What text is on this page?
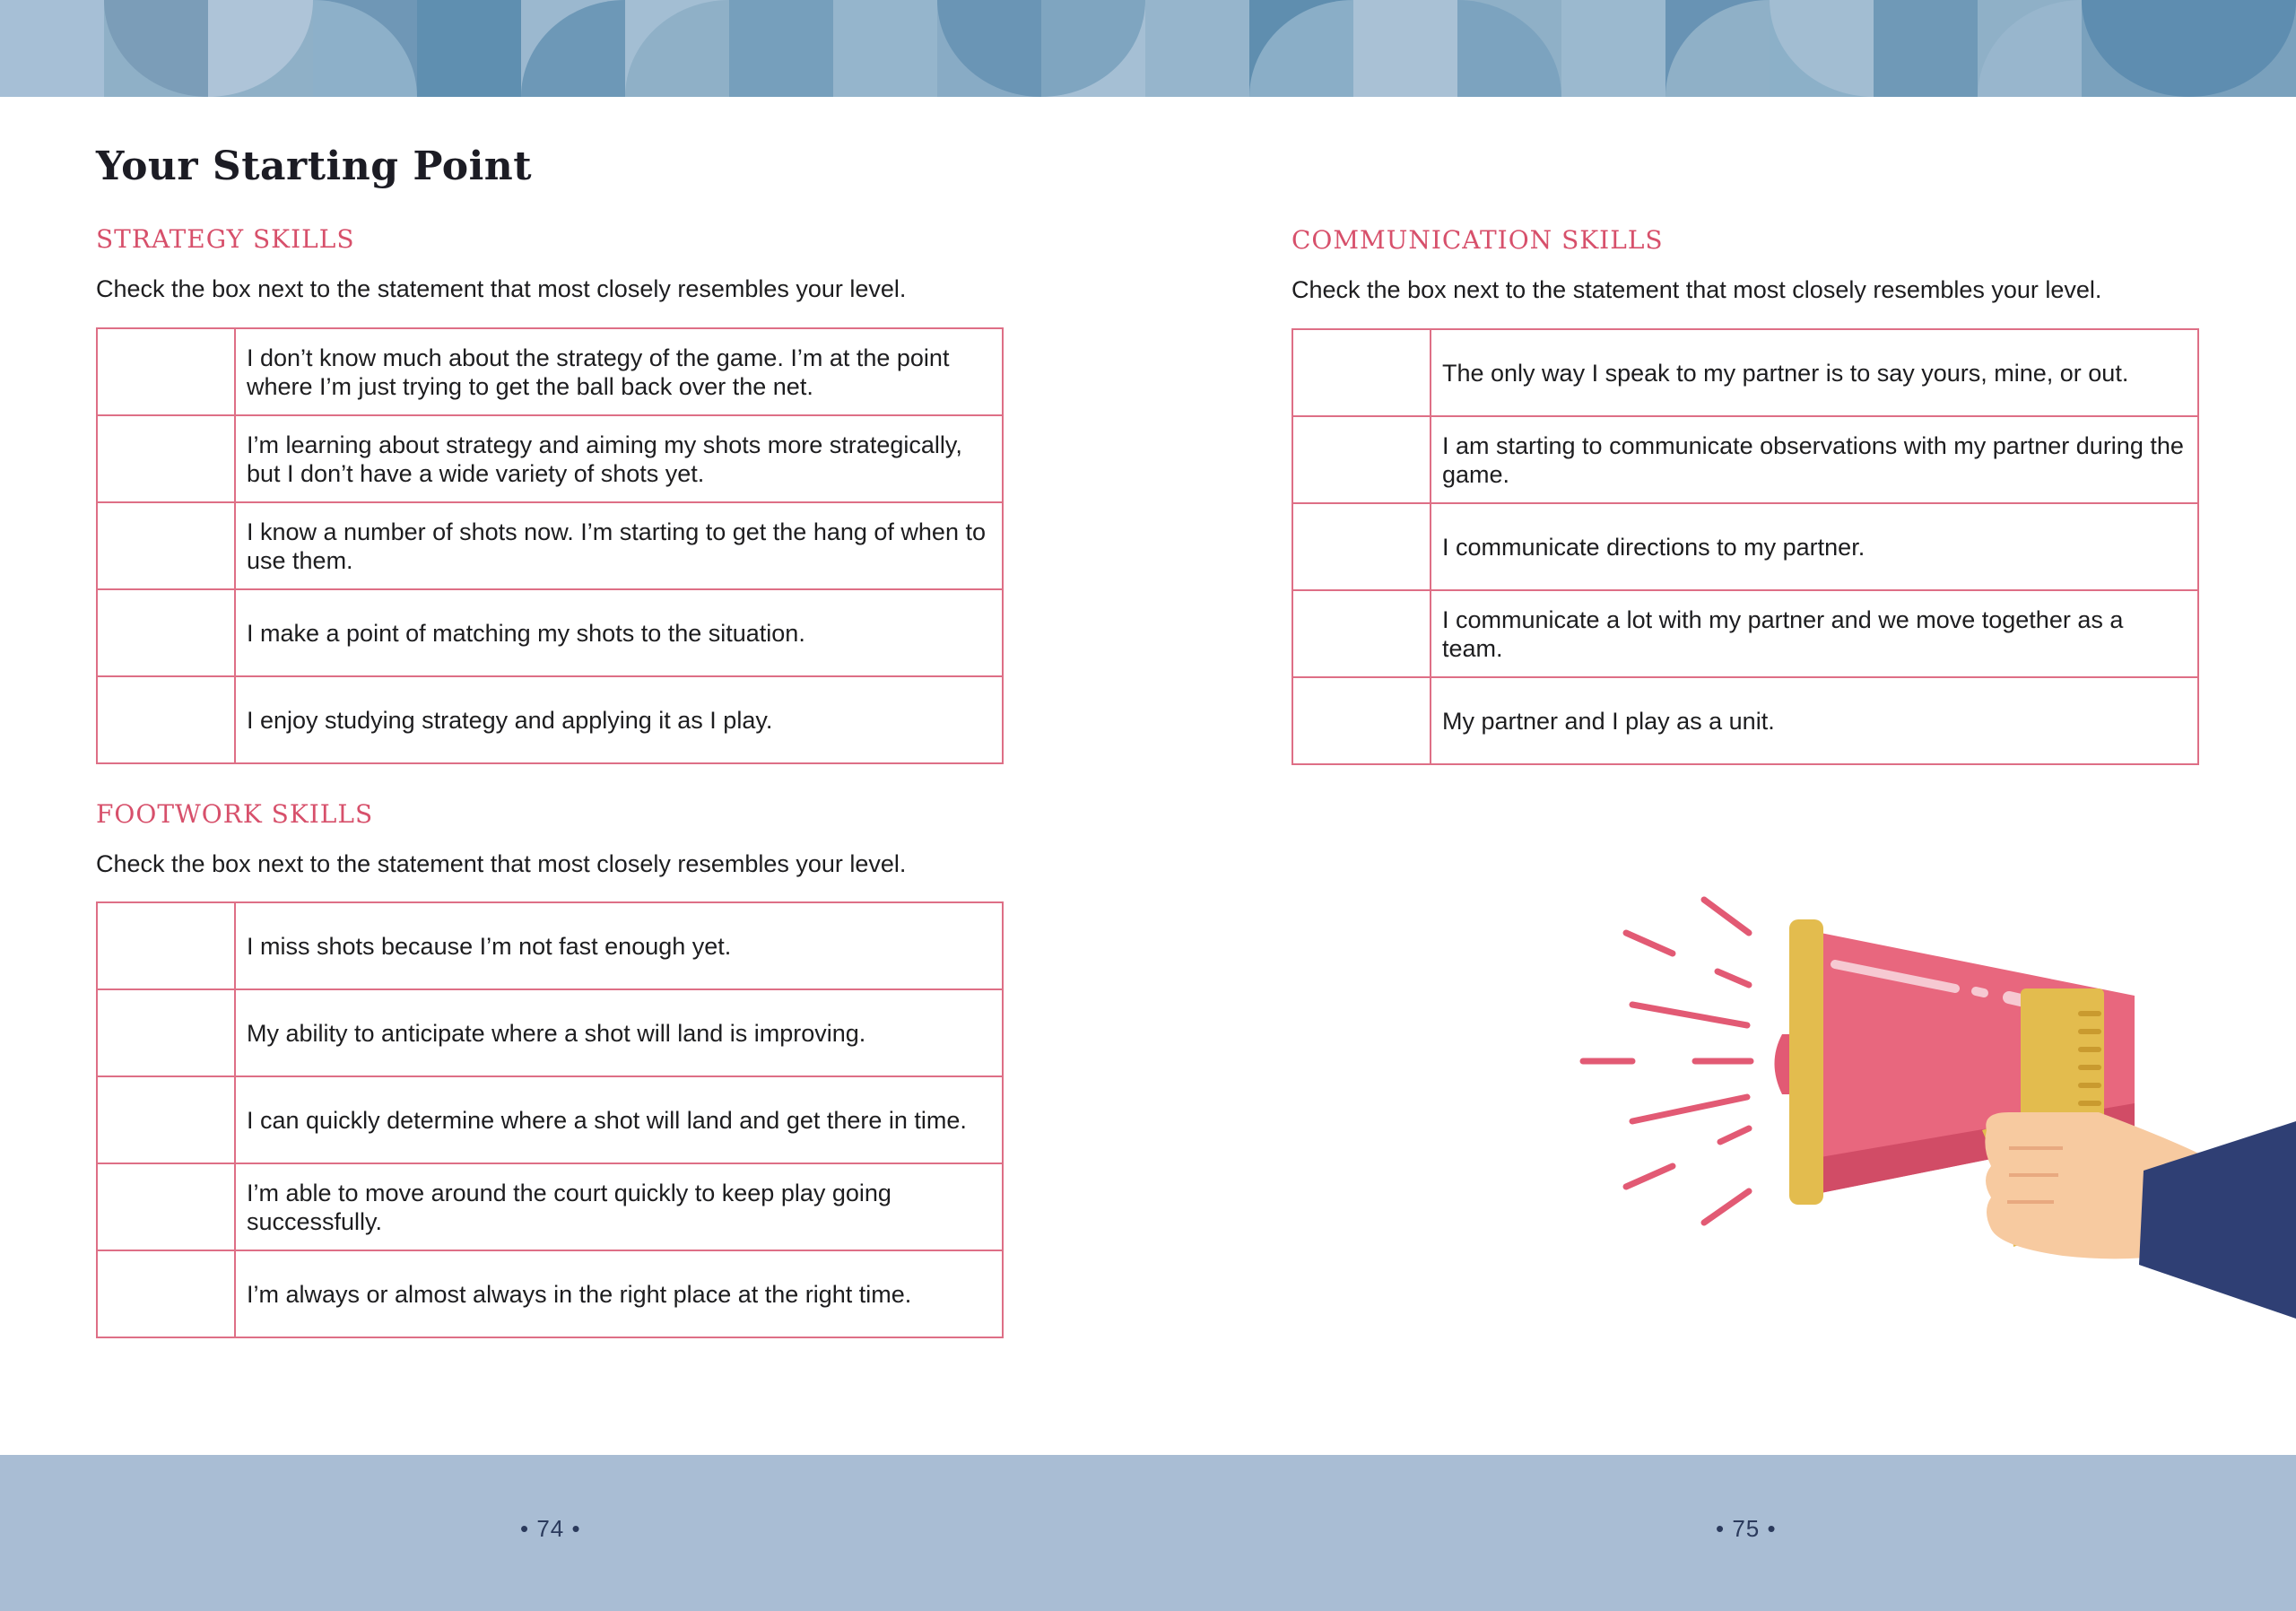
Your Starting Point
STRATEGY SKILLS
Check the box next to the statement that most closely resembles your level.
	I don’t know much about the strategy of the game. I’m at the point where I’m just trying to get the ball back over the net.
	I’m learning about strategy and aiming my shots more strategically, but I don’t have a wide variety of shots yet.
	I know a number of shots now. I’m starting to get the hang of when to use them.
	I make a point of matching my shots to the situation.
	I enjoy studying strategy and applying it as I play.
FOOTWORK SKILLS
Check the box next to the statement that most closely resembles your level.
	I miss shots because I’m not fast enough yet.
	My ability to anticipate where a shot will land is improving.
	I can quickly determine where a shot will land and get there in time.
	I’m able to move around the court quickly to keep play going successfully.
	I’m always or almost always in the right place at the right time.
COMMUNICATION SKILLS
Check the box next to the statement that most closely resembles your level.
	The only way I speak to my partner is to say yours, mine, or out.
	I am starting to communicate observations with my partner during the game.
	I communicate directions to my partner.
	I communicate a lot with my partner and we move together as a team.
	My partner and I play as a unit.
• 74 •	• 75 •
